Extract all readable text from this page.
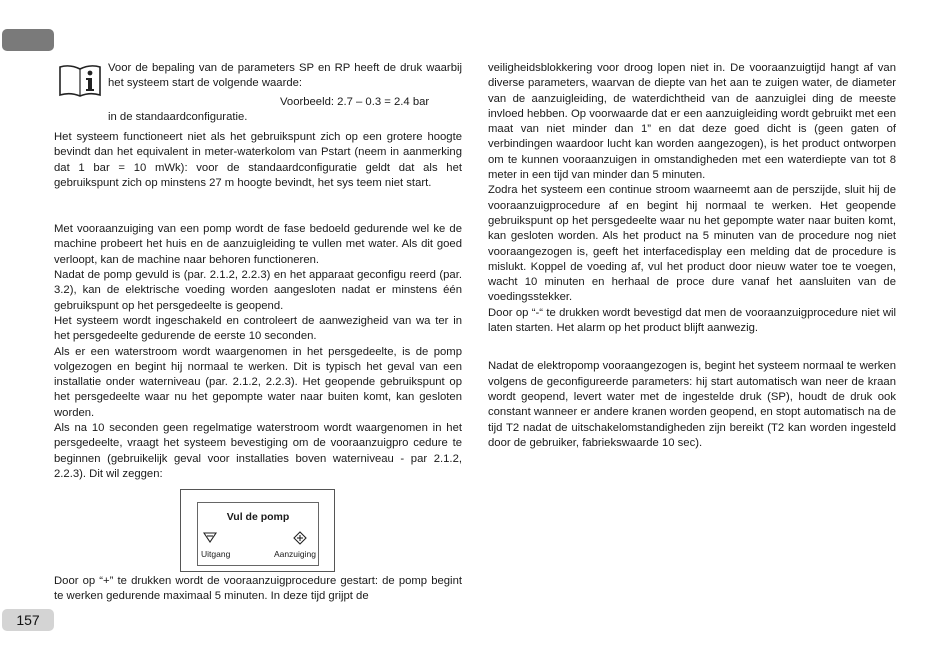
Voor de bepaling van de parameters SP en RP heeft de druk waarbij het systeem start de volgende waarde:
Voorbeeld: 2.7 – 0.3 = 2.4 bar
in de standaardconfiguratie.

Het systeem functioneert niet als het gebruikspunt zich op een grotere hoogte bevindt dan het equivalent in meter-waterkolom van Pstart (neem in aanmerking dat 1 bar = 10 mWk): voor de standaardconfiguratie geldt dat als het gebruikspunt zich op minstens 27 m hoogte bevindt, het sys teem niet start.

Met vooraanzuiging van een pomp wordt de fase bedoeld gedurende wel ke de machine probeert het huis en de aanzuigleiding te vullen met water. Als dit goed verloopt, kan de machine naar behoren functioneren.

Nadat de pomp gevuld is (par. 2.1.2, 2.2.3) en het apparaat geconfigu reerd (par. 3.2), kan de elektrische voeding worden aangesloten nadat er minstens één gebruikspunt op het persgedeelte is geopend.

Het systeem wordt ingeschakeld en controleert de aanwezigheid van wa ter in het persgedeelte gedurende de eerste 10 seconden.

Als er een waterstroom wordt waargenomen in het persgedeelte, is de pomp volgezogen en begint hij normaal te werken. Dit is typisch het geval van een installatie onder waterniveau (par. 2.1.2, 2.2.3). Het geopende gebruikspunt op het persgedeelte waar nu het gepompte water naar buiten komt, kan gesloten worden.

Als na 10 seconden geen regelmatige waterstroom wordt waargenomen in het persgedeelte, vraagt het systeem bevestiging om de vooraanzuigpro cedure te beginnen (gebruikelijk geval voor installaties boven waterniveau - par 2.1.2, 2.2.3). Dit wil zeggen:

Vul de pomp
Uitgang	Aanzuiging

Door op “+” te drukken wordt de vooraanzuigprocedure gestart: de pomp begint te werken gedurende maximaal 5 minuten. In deze tijd grijpt de

veiligheidsblokkering voor droog lopen niet in. De vooraanzuigtijd hangt af van diverse parameters, waarvan de diepte van het aan te zuigen water, de diameter van de aanzuigleiding, de waterdichtheid van de aanzuiglei ding de meeste invloed hebben. Op voorwaarde dat er een aanzuigleiding wordt gebruikt met een maat van niet minder dan 1” en dat deze goed dicht is (geen gaten of verbindingen waardoor lucht kan worden aangezogen), is het product ontworpen om te kunnen vooraanzuigen in omstandigheden met een waterdiepte van tot 8 meter in een tijd van minder dan 5 minuten.

Zodra het systeem een continue stroom waarneemt aan de perszijde, sluit hij de vooraanzuigprocedure af en begint hij normaal te werken. Het geopende gebruikspunt op het persgedeelte waar nu het gepompte water naar buiten komt, kan gesloten worden. Als het product na 5 minuten van de procedure nog niet vooraangezogen is, geeft het interfacedisplay een melding dat de procedure is mislukt. Koppel de voeding af, vul het product door nieuw water toe te voegen, wacht 10 minuten en herhaal de proce dure vanaf het aansluiten van de voedingsstekker.

Door op “-“ te drukken wordt bevestigd dat men de vooraanzuigprocedure niet wil laten starten. Het alarm op het product blijft aanwezig.

Nadat de elektropomp vooraangezogen is, begint het systeem normaal te werken volgens de geconfigureerde parameters: hij start automatisch wan neer de kraan wordt geopend, levert water met de ingestelde druk (SP), houdt de druk ook constant wanneer er andere kranen worden geopend, en stopt automatisch na de tijd T2 nadat de uitschakelomstandigheden zijn bereikt (T2 kan worden ingesteld door de gebruiker, fabriekswaarde 10 sec).

157
